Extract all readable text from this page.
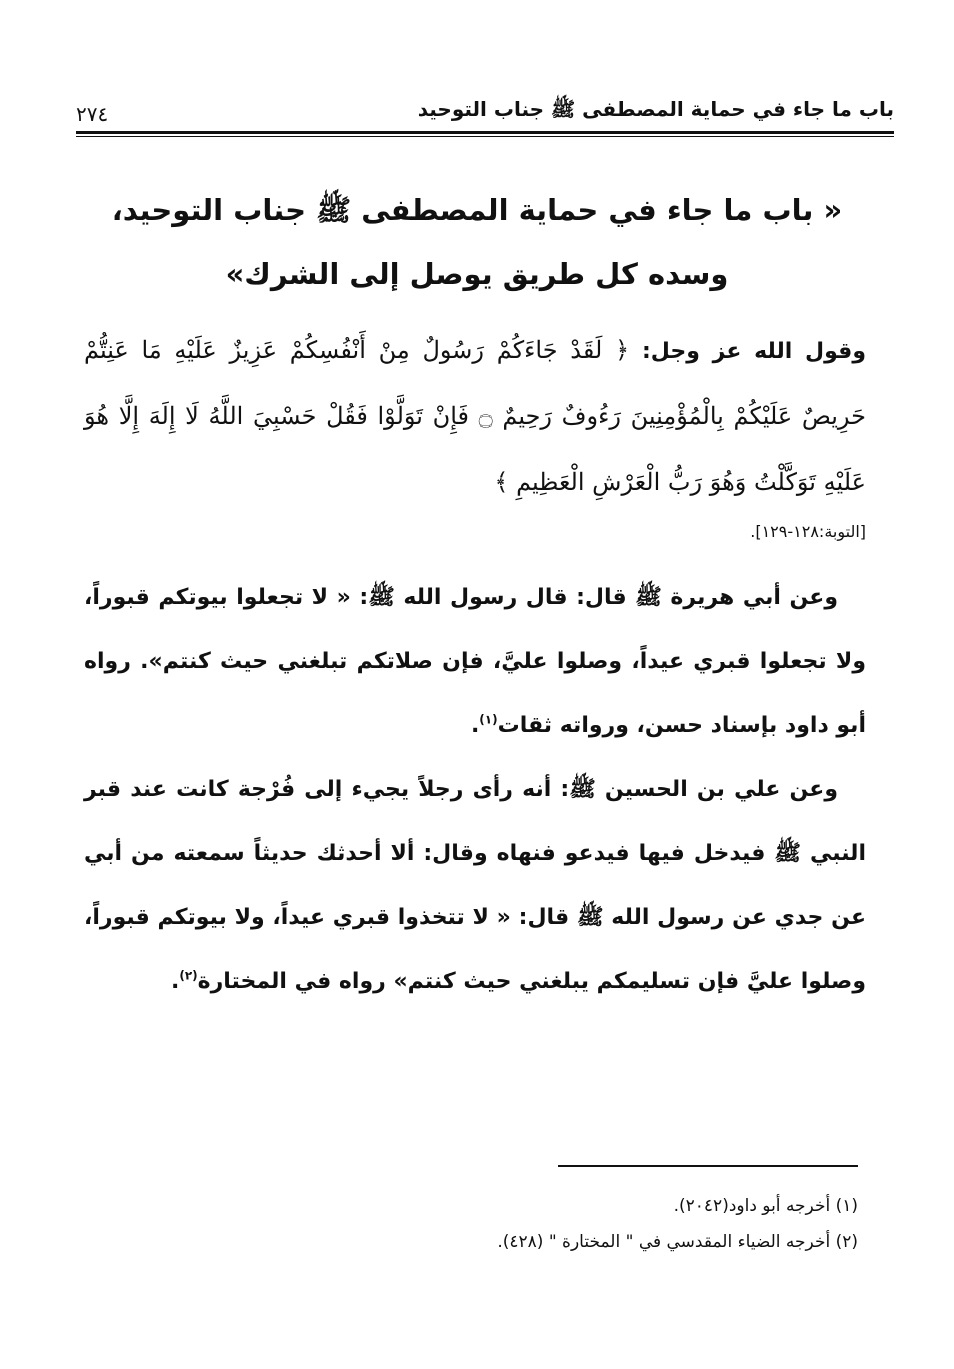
باب ما جاء في حماية المصطفى ﷺ جناب التوحيد
٢٧٤
« باب ما جاء في حماية المصطفى ﷺ جناب التوحيد،
وسده كل طريق يوصل إلى الشرك»

وقول الله عز وجل: ﴿ لَقَدْ جَاءَكُمْ رَسُولٌ مِنْ أَنْفُسِكُمْ عَزِيزٌ عَلَيْهِ مَا عَنِتُّمْ حَرِيصٌ عَلَيْكُمْ بِالْمُؤْمِنِينَ رَءُوفٌ رَحِيمٌ ۝ فَإِنْ تَوَلَّوْا فَقُلْ حَسْبِيَ اللَّهُ لَا إِلَهَ إِلَّا هُوَ عَلَيْهِ تَوَكَّلْتُ وَهُوَ رَبُّ الْعَرْشِ الْعَظِيمِ ﴾

[التوبة:١٢٨-١٢٩].

وعن أبي هريرة ﷺ قال: قال رسول الله ﷺ: « لا تجعلوا بيوتكم قبوراً، ولا تجعلوا قبري عيداً، وصلوا عليَّ، فإن صلاتكم تبلغني حيث كنتم». رواه أبو داود بإسناد حسن، ورواته ثقات$^{(١)}$.

وعن علي بن الحسين ﷺ: أنه رأى رجلاً يجيء إلى فُرْجة كانت عند قبر النبي ﷺ فيدخل فيها فيدعو فنهاه وقال: ألا أحدثك حديثاً سمعته من أبي عن جدي عن رسول الله ﷺ قال: « لا تتخذوا قبري عيداً، ولا بيوتكم قبوراً، وصلوا عليَّ فإن تسليمكم يبلغني حيث كنتم» رواه في المختارة$^{(٢)}$.

(١) أخرجه أبو داود(٢٠٤٢).
(٢) أخرجه الضياء المقدسي في " المختارة " (٤٢٨).
